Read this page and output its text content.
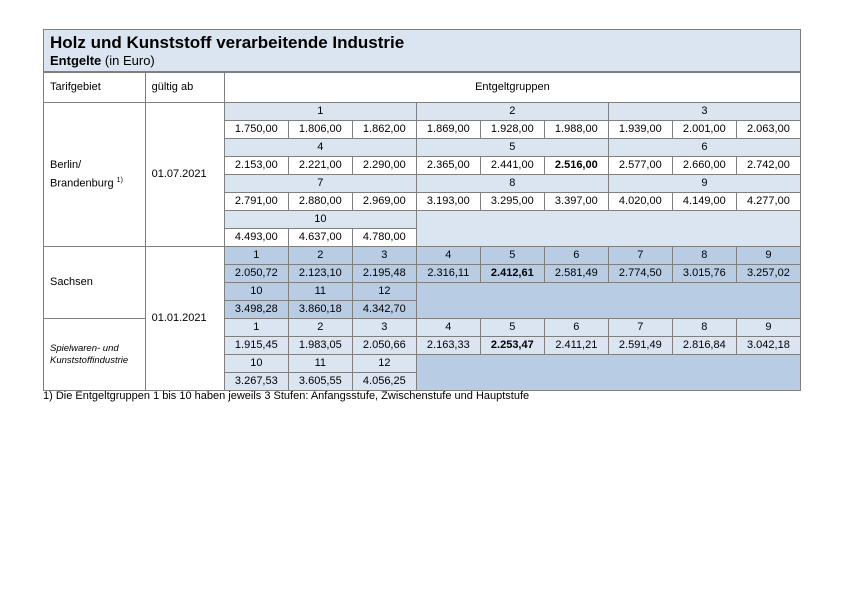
Holz und Kunststoff verarbeitende Industrie
Entgelte (in Euro)
Tarifgebiet	gültig ab	Entgeltgruppen								
Berlin/
Brandenburg $^{1)}$	01.07.2021	1			2			3		
		1.750,00	1.806,00	1.862,00	1.869,00	1.928,00	1.988,00	1.939,00	2.001,00	2.063,00
		4			5			6		
		2.153,00	2.221,00	2.290,00	2.365,00	2.441,00	2.516,00	2.577,00	2.660,00	2.742,00
		7			8			9		
		2.791,00	2.880,00	2.969,00	3.193,00	3.295,00	3.397,00	4.020,00	4.149,00	4.277,00
		10								
		4.493,00	4.637,00	4.780,00						
Sachsen	01.01.2021	1	2	3	4	5	6	7	8	9
		2.050,72	2.123,10	2.195,48	2.316,11	2.412,61	2.581,49	2.774,50	3.015,76	3.257,02
		10	11	12						
		3.498,28	3.860,18	4.342,70						

Spielwaren- und
Kunststoffindustrie		1	2	3	4	5	6	7	8	9
		1.915,45	1.983,05	2.050,66	2.163,33	2.253,47	2.411,21	2.591,49	2.816,84	3.042,18
		10	11	12						
		3.267,53	3.605,55	4.056,25						
1) Die Entgeltgruppen 1 bis 10 haben jeweils 3 Stufen: Anfangsstufe, Zwischenstufe und Hauptstufe
